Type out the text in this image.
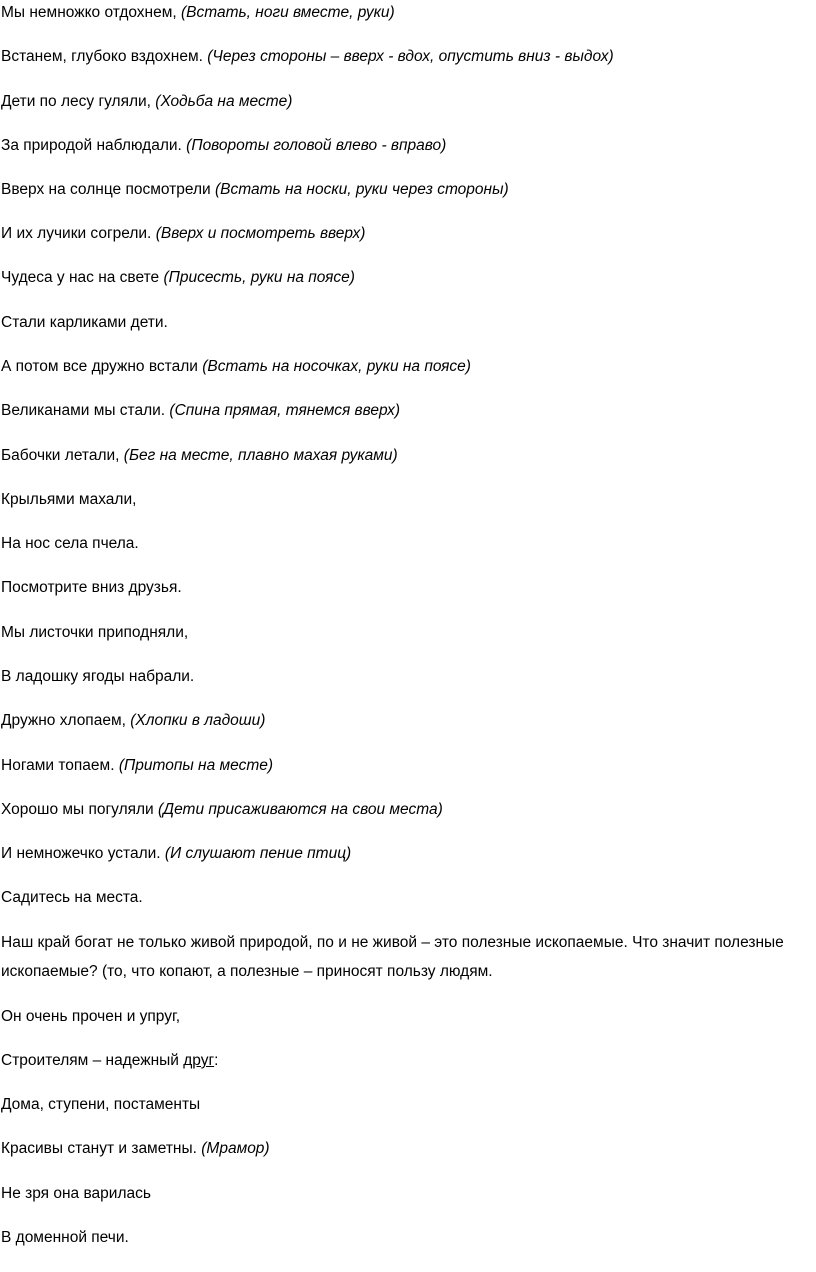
Мы немножко отдохнем, (Встать, ноги вместе, руки)
Встанем, глубоко вздохнем. (Через стороны – вверх - вдох, опустить вниз - выдох)
Дети по лесу гуляли, (Ходьба на месте)
За природой наблюдали. (Повороты головой влево - вправо)
Вверх на солнце посмотрели (Встать на носки, руки через стороны)
И их лучики согрели. (Вверх и посмотреть вверх)
Чудеса у нас на свете (Присесть, руки на поясе)
Стали карликами дети.
А потом все дружно встали (Встать на носочках, руки на поясе)
Великанами мы стали. (Спина прямая, тянемся вверх)
Бабочки летали, (Бег на месте, плавно махая руками)
Крыльями махали,
На нос села пчела.
Посмотрите вниз друзья.
Мы листочки приподняли,
В ладошку ягоды набрали.
Дружно хлопаем, (Хлопки в ладоши)
Ногами топаем. (Притопы на месте)
Хорошо мы погуляли (Дети присаживаются на свои места)
И немножечко устали. (И слушают пение птиц)
Садитесь на места.
Наш край богат не только живой природой, по и не живой – это полезные ископаемые. Что значит полезные ископаемые? (то, что копают, а полезные – приносят пользу людям.
Он очень прочен и упруг,
Строителям – надежный друг:
Дома, ступени, постаменты
Красивы станут и заметны. (Мрамор)
Не зря она варилась
В доменной печи.
